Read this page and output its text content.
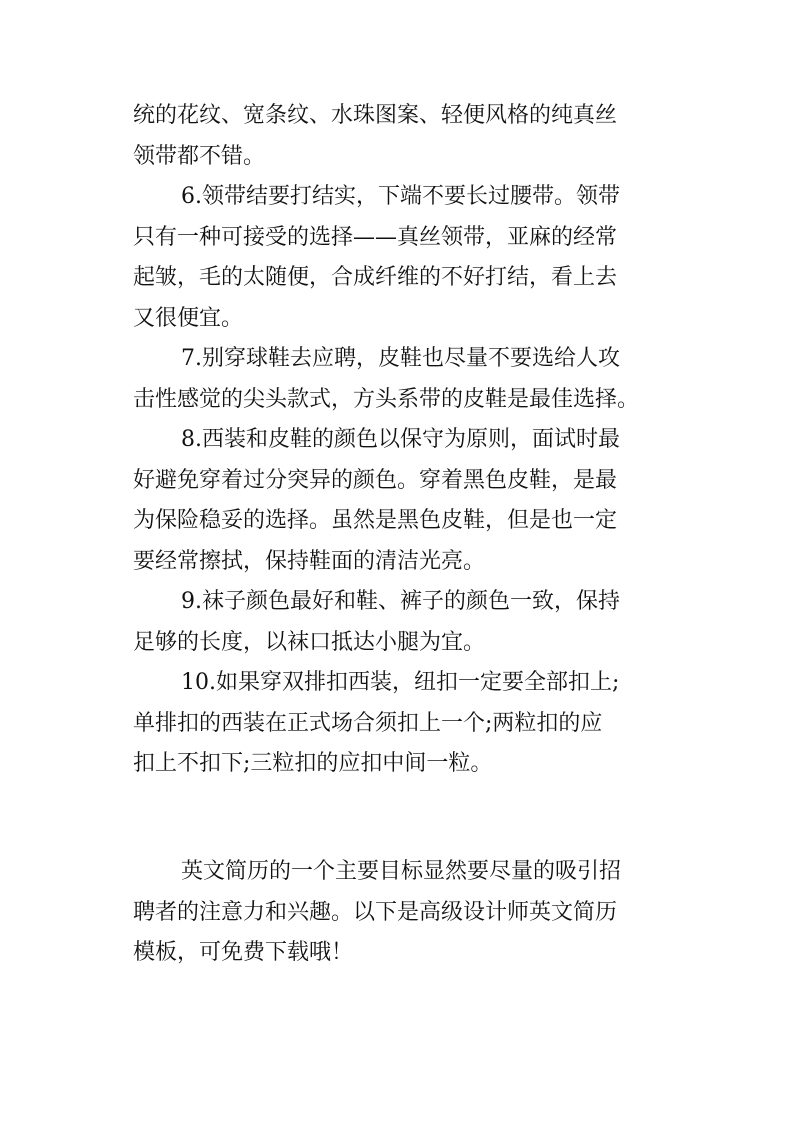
统的花纹、宽条纹、水珠图案、轻便风格的纯真丝
领带都不错。

6.领带结要打结实，下端不要长过腰带。领带
只有一种可接受的选择——真丝领带，亚麻的经常
起皱，毛的太随便，合成纤维的不好打结，看上去
又很便宜。

7.别穿球鞋去应聘，皮鞋也尽量不要选给人攻
击性感觉的尖头款式，方头系带的皮鞋是最佳选择。

8.西装和皮鞋的颜色以保守为原则，面试时最
好避免穿着过分突异的颜色。穿着黑色皮鞋，是最
为保险稳妥的选择。虽然是黑色皮鞋，但是也一定
要经常擦拭，保持鞋面的清洁光亮。

9.袜子颜色最好和鞋、裤子的颜色一致，保持
足够的长度，以袜口抵达小腿为宜。

10.如果穿双排扣西装，纽扣一定要全部扣上;
单排扣的西装在正式场合须扣上一个;两粒扣的应
扣上不扣下;三粒扣的应扣中间一粒。

英文简历的一个主要目标显然要尽量的吸引招
聘者的注意力和兴趣。以下是高级设计师英文简历
模板，可免费下载哦！
